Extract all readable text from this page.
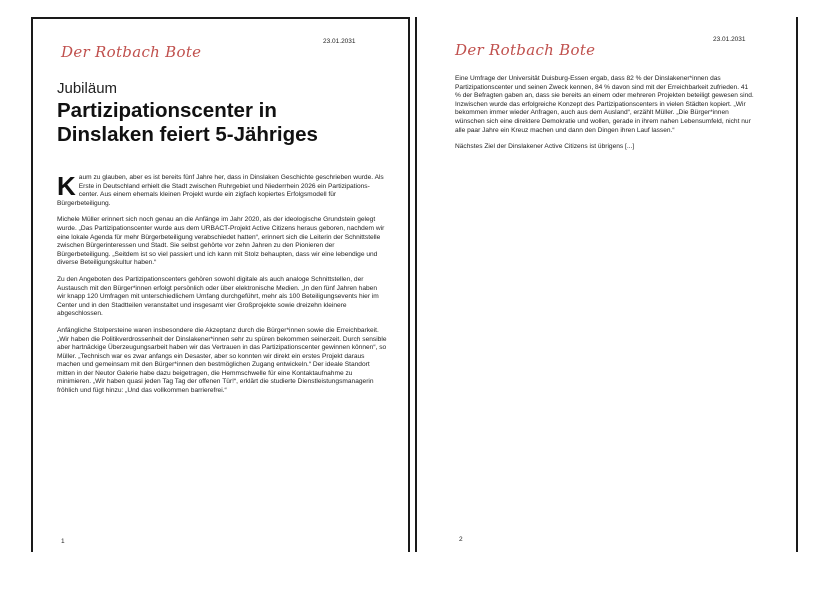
Der Rotbach Bote
23.01.2031
Jubiläum
Partizipationscenter in Dinslaken feiert 5-Jähriges

Kaum zu glauben, aber es ist bereits fünf Jahre her, dass in Dinslaken Geschichte geschrieben wurde. Als Erste in Deutschland erhielt die Stadt zwischen Ruhrgebiet und Niederrhein 2026 ein Partizipations-center. Aus einem ehemals kleinen Projekt wurde ein zigfach kopiertes Erfolgsmodell für Bürgerbeteiligung.

Michele Müller erinnert sich noch genau an die Anfänge im Jahr 2020, als der ideologische Grundstein gelegt wurde. „Das Partizipationscenter wurde aus dem URBACT-Projekt Active Citizens heraus geboren, nachdem wir eine lokale Agenda für mehr Bürgerbeteiligung verabschiedet hatten“, erinnert sich die Leiterin der Schnittstelle zwischen Bürgerinteressen und Stadt. Sie selbst gehörte vor zehn Jahren zu den Pionieren der Bürgerbeteiligung. „Seitdem ist so viel passiert und ich kann mit Stolz behaupten, dass wir eine lebendige und diverse Beteiligungskultur haben.“

Zu den Angeboten des Partizipationscenters gehören sowohl digitale als auch analoge Schnittstellen, der Austausch mit den Bürger*innen erfolgt persönlich oder über elektronische Medien. „In den fünf Jahren haben wir knapp 120 Umfragen mit unterschiedlichem Umfang durchgeführt, mehr als 100 Beteiligungsevents hier im Center und in den Stadtteilen veranstaltet und insgesamt vier Großprojekte sowie dreizehn kleinere abgeschlossen.

Anfängliche Stolpersteine waren insbesondere die Akzeptanz durch die Bürger*innen sowie die Erreichbarkeit. „Wir haben die Politikverdrossenheit der Dinslakener*innen sehr zu spüren bekommen seinerzeit. Durch sensible aber hartnäckige Überzeugungsarbeit haben wir das Vertrauen in das Partizipationscenter gewinnen können“, so Müller. „Technisch war es zwar anfangs ein Desaster, aber so konnten wir direkt ein erstes Projekt daraus machen und gemeinsam mit den Bürger*innen den bestmöglichen Zugang entwickeln.“ Der ideale Standort mitten in der Neutor Galerie habe dazu beigetragen, die Hemmschwelle für eine Kontaktaufnahme zu minimieren. „Wir haben quasi jeden Tag Tag der offenen Tür!“, erklärt die studierte Dienstleistungsmanagerin fröhlich und fügt hinzu: „Und das vollkommen barrierefrei.“

1
Der Rotbach Bote
23.01.2031

Eine Umfrage der Universität Duisburg-Essen ergab, dass 82 % der Dinslakener*innen das Partizipationscenter und seinen Zweck kennen, 84 % davon sind mit der Erreichbarkeit zufrieden. 41 % der Befragten gaben an, dass sie bereits an einem oder mehreren Projekten beteiligt gewesen sind. Inzwischen wurde das erfolgreiche Konzept des Partizipationscenters in vielen Städten kopiert. „Wir bekommen immer wieder Anfragen, auch aus dem Ausland“, erzählt Müller. „Die Bürger*innen wünschen sich eine direktere Demokratie und wollen, gerade in ihrem nahen Lebensumfeld, nicht nur alle paar Jahre ein Kreuz machen und dann den Dingen ihren Lauf lassen.“

Nächstes Ziel der Dinslakener Active Citizens ist übrigens [...]

2
